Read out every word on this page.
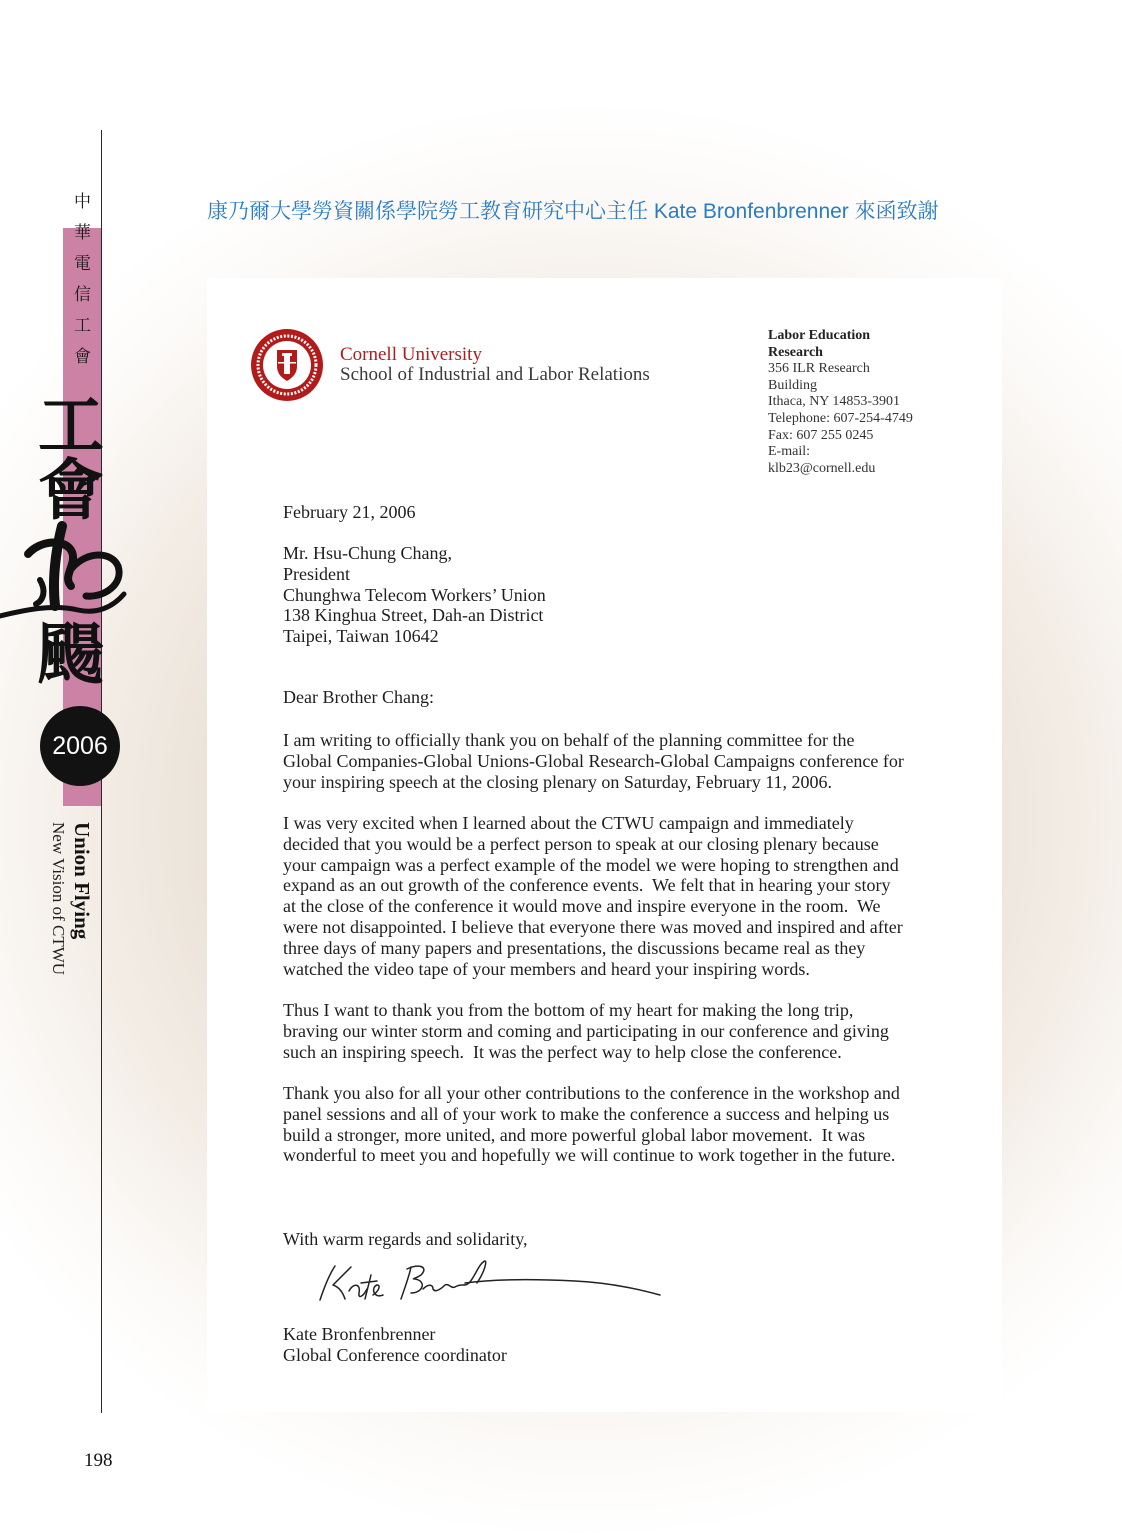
中華電信工會
工
會
颺
2006
Union Flying
New Vision of CTWU
198
康乃爾大學勞資關係學院勞工教育研究中心主任 Kate Bronfenbrenner 來函致謝
Cornell University
School of Industrial and Labor Relations
Labor Education
Research
356 ILR Research
Building
Ithaca, NY 14853-3901
Telephone: 607-254-4749
Fax: 607 255 0245
E-mail:
klb23@cornell.edu
February 21, 2006
Mr. Hsu-Chung Chang,
President
Chunghwa Telecom Workers’ Union
138 Kinghua Street, Dah-an District
Taipei, Taiwan 10642
Dear Brother Chang:
I am writing to officially thank you on behalf of the planning committee for the
Global Companies-Global Unions-Global Research-Global Campaigns conference for
your inspiring speech at the closing plenary on Saturday, February 11, 2006.
I was very excited when I learned about the CTWU campaign and immediately
decided that you would be a perfect person to speak at our closing plenary because
your campaign was a perfect example of the model we were hoping to strengthen and
expand as an out growth of the conference events.  We felt that in hearing your story
at the close of the conference it would move and inspire everyone in the room.  We
were not disappointed. I believe that everyone there was moved and inspired and after
three days of many papers and presentations, the discussions became real as they
watched the video tape of your members and heard your inspiring words.
Thus I want to thank you from the bottom of my heart for making the long trip,
braving our winter storm and coming and participating in our conference and giving
such an inspiring speech.  It was the perfect way to help close the conference.
Thank you also for all your other contributions to the conference in the workshop and
panel sessions and all of your work to make the conference a success and helping us
build a stronger, more united, and more powerful global labor movement.  It was
wonderful to meet you and hopefully we will continue to work together in the future.
With warm regards and solidarity,
Kate Bronfenbrenner
Global Conference coordinator
